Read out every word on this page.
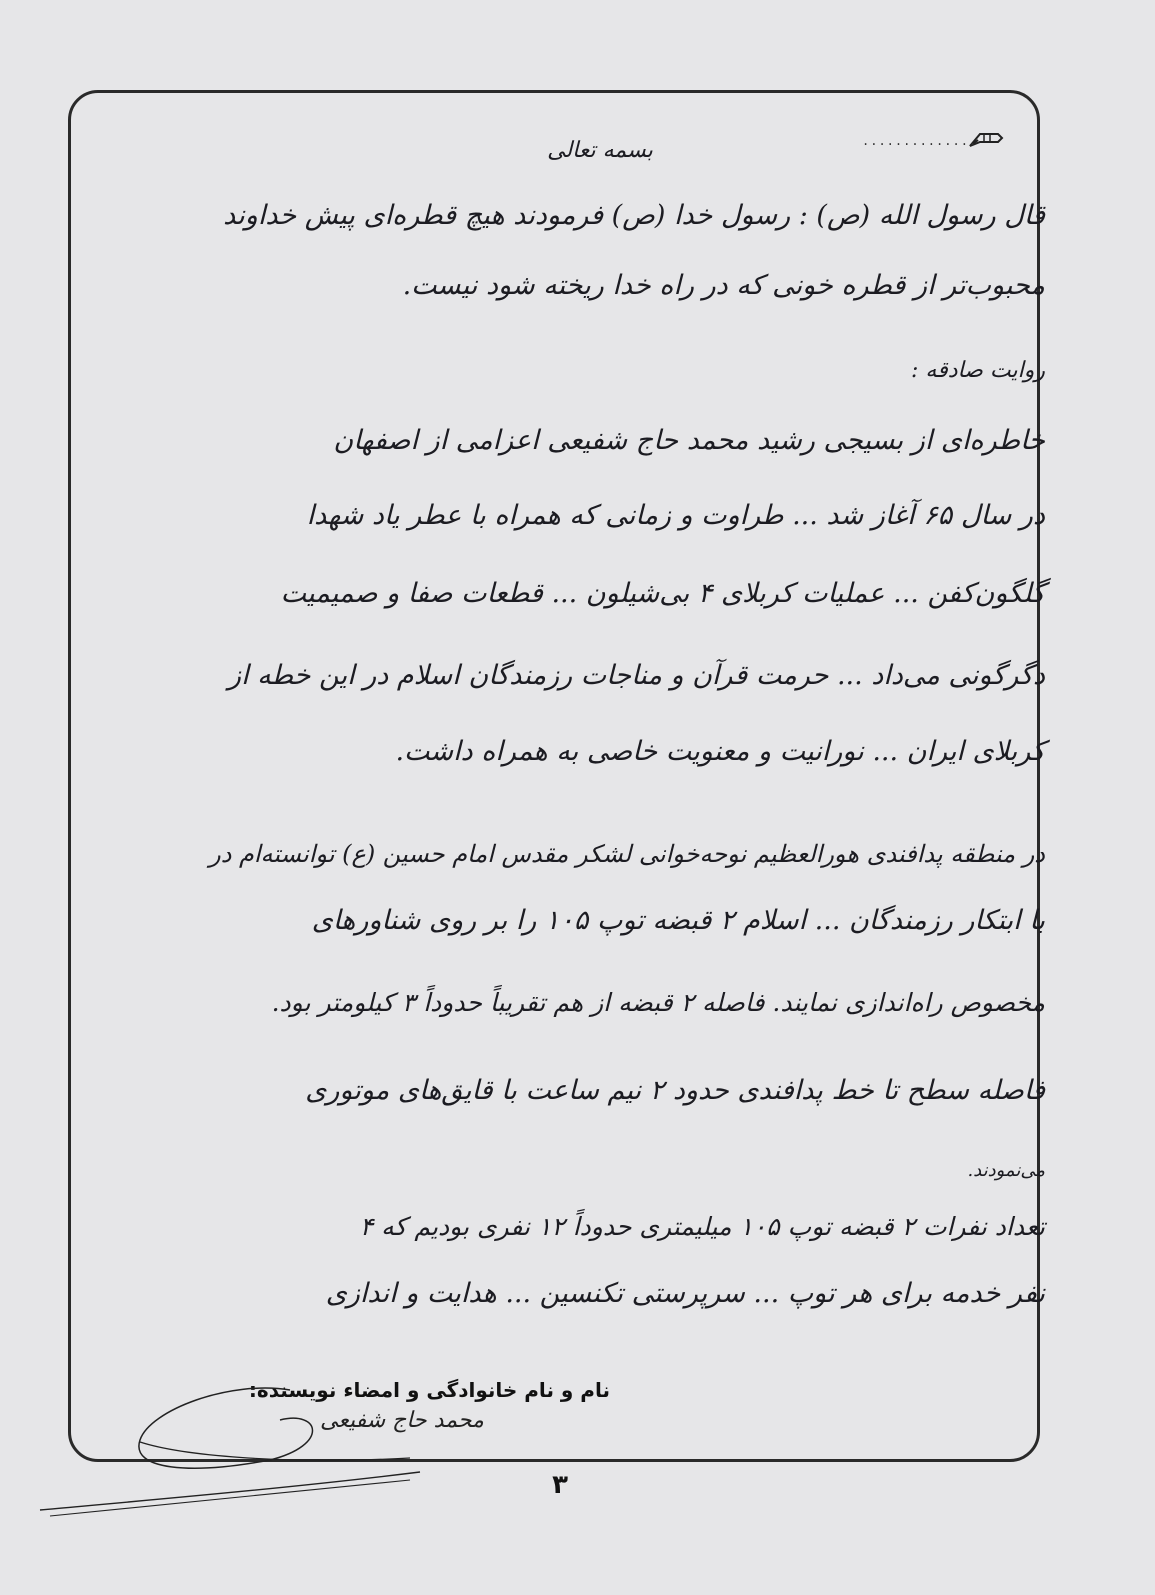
..............
بسمه تعالی
قال رسول الله (ص) : رسول خدا (ص) فرمودند هیچ قطره‌ای پیش خداوند
محبوب‌تر از قطره خونی که در راه خدا ریخته شود نیست.
روایت صادقه :
خاطره‌ای از بسیجی رشید محمد حاج شفیعی اعزامی از اصفهان
در سال ۶۵ آغاز شد ... طراوت و زمانی که همراه با عطر یاد شهدا
گلگون‌کفن ... عملیات کربلای ۴ بی‌شیلون ... قطعات صفا و صمیمیت
دگرگونی می‌داد ... حرمت قرآن و مناجات رزمندگان اسلام در این خطه از
کربلای ایران ... نورانیت و معنویت خاصی به همراه داشت.
در منطقه پدافندی هورالعظیم نوحه‌خوانی لشکر مقدس امام حسین (ع) توانسته‌ام در
با ابتکار رزمندگان ... اسلام ۲ قبضه توپ ۱۰۵ را بر روی شناورهای
مخصوص راه‌اندازی نمایند. فاصله ۲ قبضه از هم تقریباً حدوداً ۳ کیلومتر بود.
فاصله سطح تا خط پدافندی حدود ۲ نیم ساعت با قایق‌های موتوری
می‌نمودند.
تعداد نفرات ۲ قبضه توپ ۱۰۵ میلیمتری حدوداً ۱۲ نفری بودیم که ۴
نفر خدمه برای هر توپ ... سرپرستی تکنسین ... هدایت و اندازی
نام و نام خانوادگی و امضاء نویسنده:
محمد حاج شفیعی
۳
